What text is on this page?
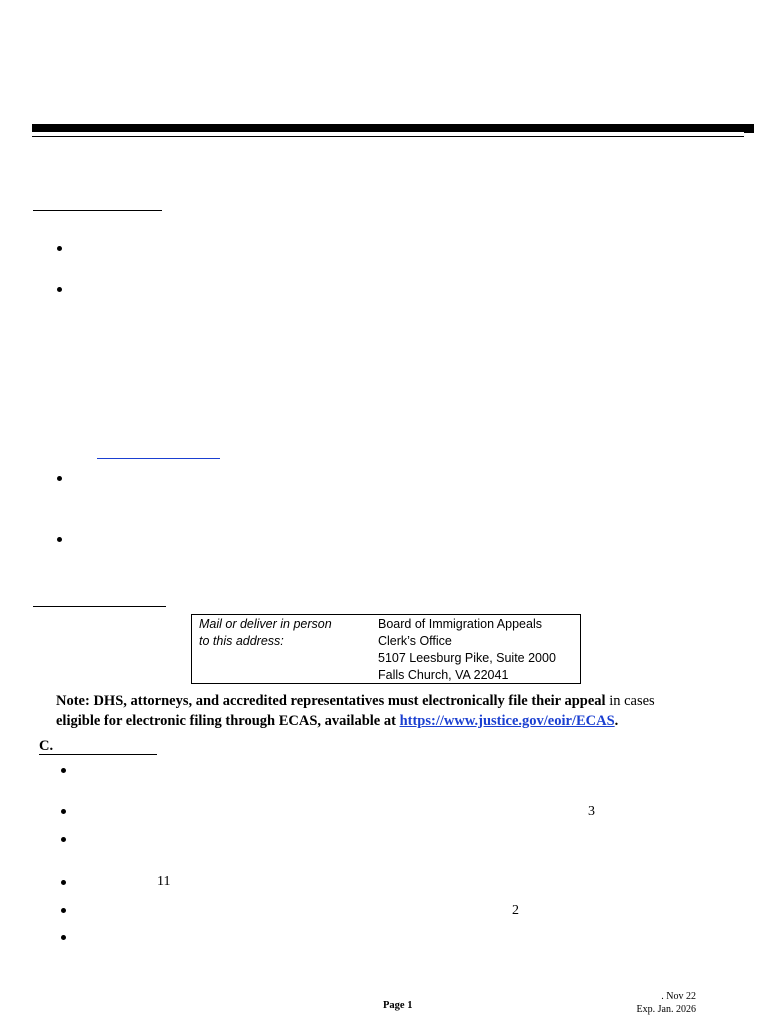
Mail or deliver in person
to this address:
Board of Immigration Appeals
Clerk’s Office
5107 Leesburg Pike, Suite 2000
Falls Church, VA 22041
Note: DHS, attorneys, and accredited representatives must electronically file their appeal in cases
eligible for electronic filing through ECAS, available at https://www.justice.gov/eoir/ECAS.
C.
3
11
2
Page 1
. Nov 22
Exp. Jan. 2026
